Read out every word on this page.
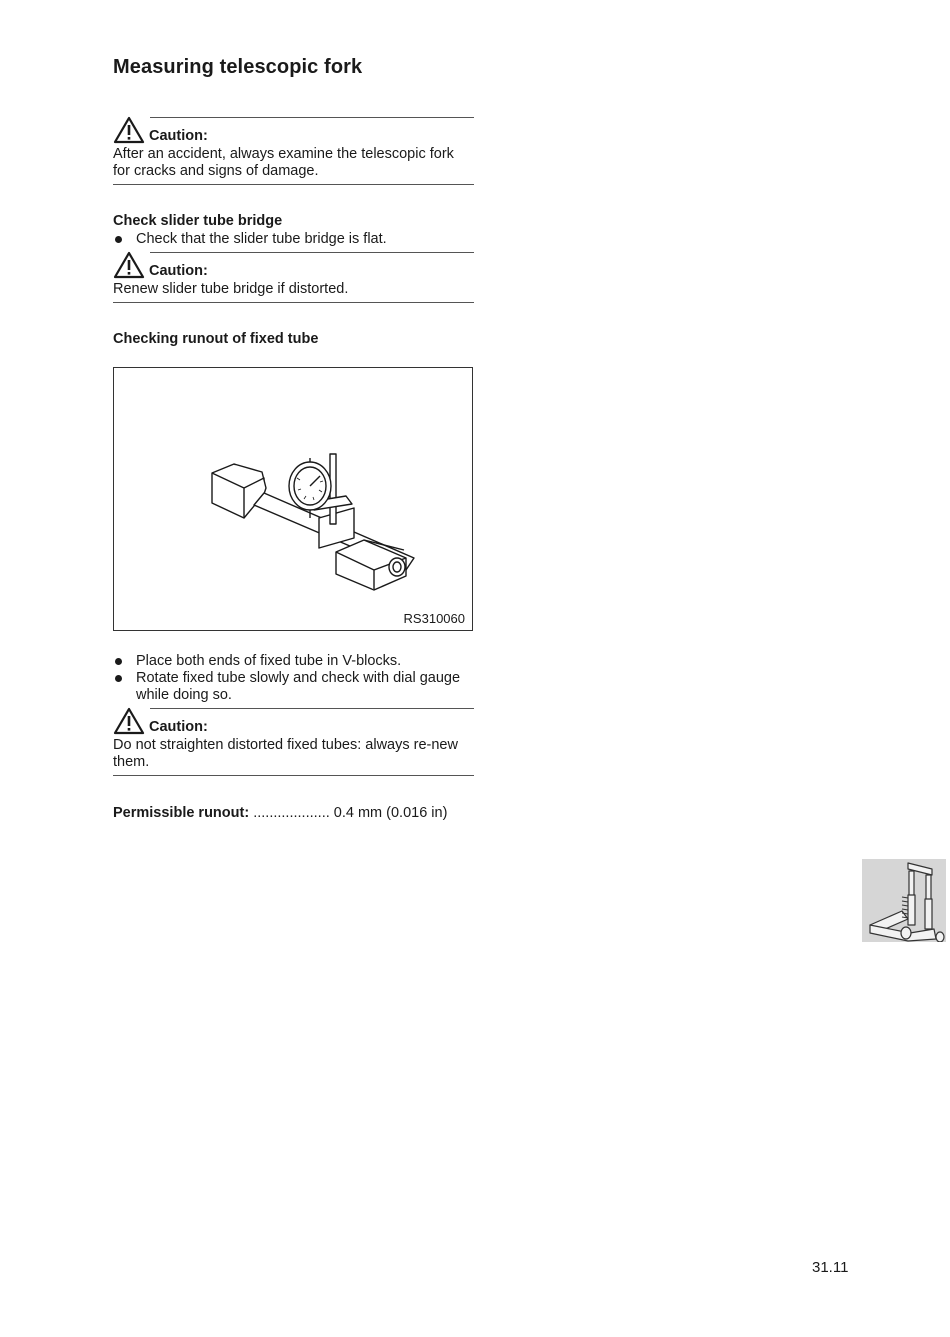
Measuring telescopic fork
Caution:
After an accident, always examine the telescopic fork for cracks and signs of damage.
Check slider tube bridge
Check that the slider tube bridge is flat.
Caution:
Renew slider tube bridge if distorted.
Checking runout of fixed tube
RS310060
Place both ends of fixed tube in V-blocks.
Rotate fixed tube slowly and check with dial gauge while doing so.
Caution:
Do not straighten distorted fixed tubes: always re-new them.
Permissible runout: ................... 0.4 mm (0.016 in)
31.11
